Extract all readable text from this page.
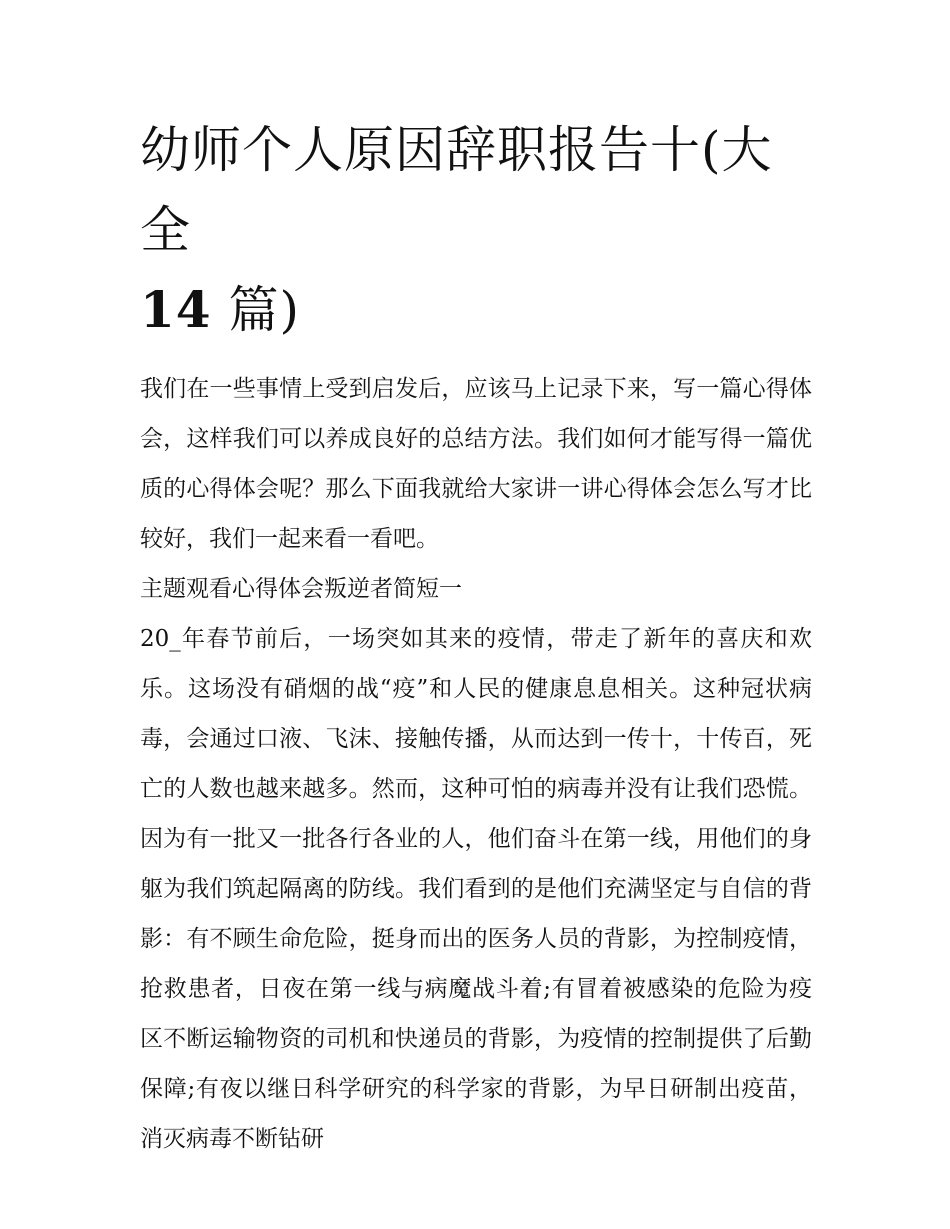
幼师个人原因辞职报告十(大全
14 篇)

我们在一些事情上受到启发后，应该马上记录下来，写一篇心得体会，这样我们可以养成良好的总结方法。我们如何才能写得一篇优质的心得体会呢？那么下面我就给大家讲一讲心得体会怎么写才比较好，我们一起来看一看吧。

主题观看心得体会叛逆者简短一

20_年春节前后，一场突如其来的疫情，带走了新年的喜庆和欢乐。这场没有硝烟的战“疫”和人民的健康息息相关。这种冠状病毒，会通过口液、飞沫、接触传播，从而达到一传十，十传百，死亡的人数也越来越多。然而，这种可怕的病毒并没有让我们恐慌。因为有一批又一批各行各业的人，他们奋斗在第一线，用他们的身躯为我们筑起隔离的防线。我们看到的是他们充满坚定与自信的背影：有不顾生命危险，挺身而出的医务人员的背影，为控制疫情，抢救患者，日夜在第一线与病魔战斗着;有冒着被感染的危险为疫区不断运输物资的司机和快递员的背影，为疫情的控制提供了后勤保障;有夜以继日科学研究的科学家的背影，为早日研制出疫苗，消灭病毒不断钻研
